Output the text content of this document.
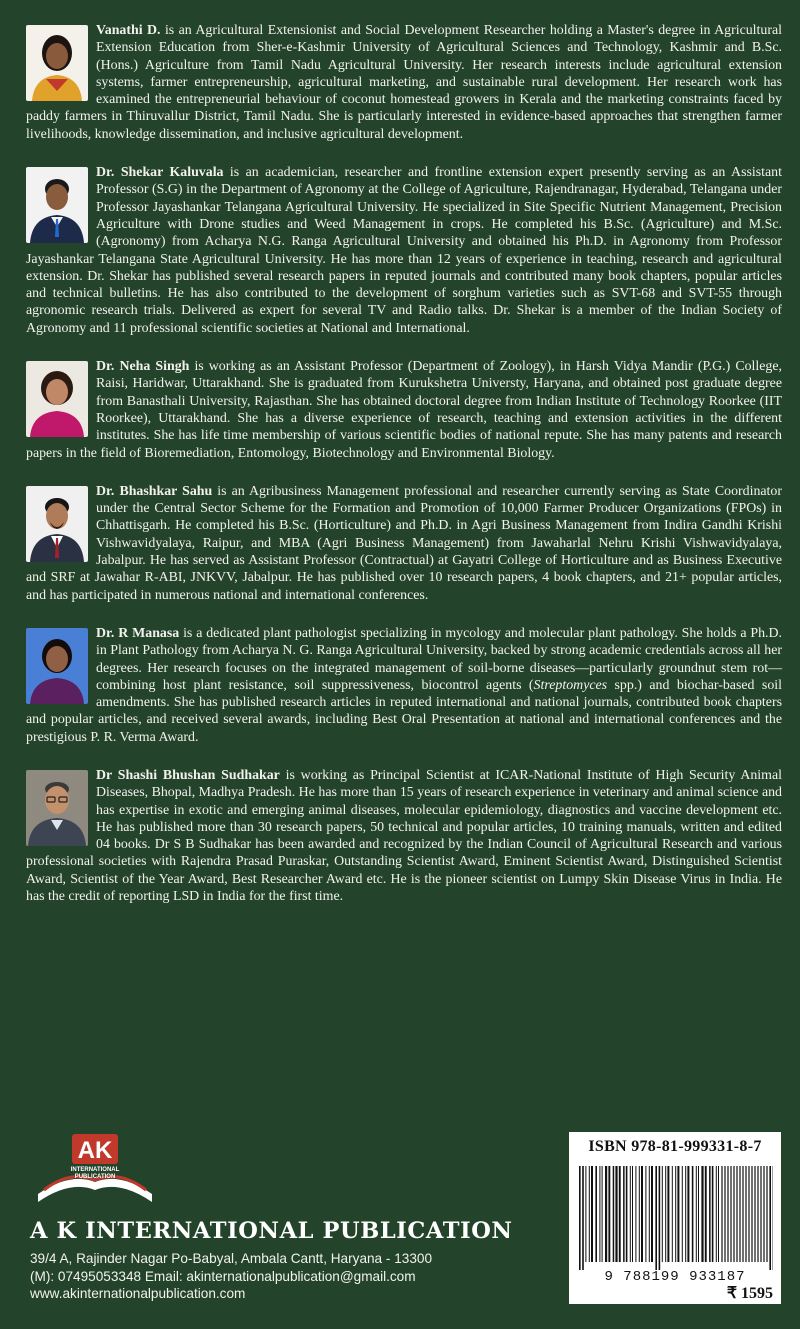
Vanathi D. is an Agricultural Extensionist and Social Development Researcher holding a Master's degree in Agricultural Extension Education from Sher-e-Kashmir University of Agricultural Sciences and Technology, Kashmir and B.Sc. (Hons.) Agriculture from Tamil Nadu Agricultural University. Her research interests include agricultural extension systems, farmer entrepreneurship, agricultural marketing, and sustainable rural development. Her research work has examined the entrepreneurial behaviour of coconut homestead growers in Kerala and the marketing constraints faced by paddy farmers in Thiruvallur District, Tamil Nadu. She is particularly interested in evidence-based approaches that strengthen farmer livelihoods, knowledge dissemination, and inclusive agricultural development.

Dr. Shekar Kaluvala is an academician, researcher and frontline extension expert presently serving as an Assistant Professor (S.G) in the Department of Agronomy at the College of Agriculture, Rajendranagar, Hyderabad, Telangana under Professor Jayashankar Telangana Agricultural University. He specialized in Site Specific Nutrient Management, Precision Agriculture with Drone studies and Weed Management in crops. He completed his B.Sc. (Agriculture) and M.Sc. (Agronomy) from Acharya N.G. Ranga Agricultural University and obtained his Ph.D. in Agronomy from Professor Jayashankar Telangana State Agricultural University. He has more than 12 years of experience in teaching, research and agricultural extension. Dr. Shekar has published several research papers in reputed journals and contributed many book chapters, popular articles and technical bulletins. He has also contributed to the development of sorghum varieties such as SVT-68 and SVT-55 through agronomic research trials. Delivered as expert for several TV and Radio talks. Dr. Shekar is a member of the Indian Society of Agronomy and 11 professional scientific societies at National and International.

Dr. Neha Singh is working as an Assistant Professor (Department of Zoology), in Harsh Vidya Mandir (P.G.) College, Raisi, Haridwar, Uttarakhand. She is graduated from Kurukshetra Universty, Haryana, and obtained post graduate degree from Banasthali University, Rajasthan. She has obtained doctoral degree from Indian Institute of Technology Roorkee (IIT Roorkee), Uttarakhand. She has a diverse experience of research, teaching and extension activities in the different institutes. She has life time membership of various scientific bodies of national repute. She has many patents and research papers in the field of Bioremediation, Entomology, Biotechnology and Environmental Biology.

Dr. Bhashkar Sahu is an Agribusiness Management professional and researcher currently serving as State Coordinator under the Central Sector Scheme for the Formation and Promotion of 10,000 Farmer Producer Organizations (FPOs) in Chhattisgarh. He completed his B.Sc. (Horticulture) and Ph.D. in Agri Business Management from Indira Gandhi Krishi Vishwavidyalaya, Raipur, and MBA (Agri Business Management) from Jawaharlal Nehru Krishi Vishwavidyalaya, Jabalpur. He has served as Assistant Professor (Contractual) at Gayatri College of Horticulture and as Business Executive and SRF at Jawahar R-ABI, JNKVV, Jabalpur. He has published over 10 research papers, 4 book chapters, and 21+ popular articles, and has participated in numerous national and international conferences.

Dr. R Manasa is a dedicated plant pathologist specializing in mycology and molecular plant pathology. She holds a Ph.D. in Plant Pathology from Acharya N. G. Ranga Agricultural University, backed by strong academic credentials across all her degrees. Her research focuses on the integrated management of soil-borne diseases—particularly groundnut stem rot—combining host plant resistance, soil suppressiveness, biocontrol agents (Streptomyces spp.) and biochar-based soil amendments. She has published research articles in reputed international and national journals, contributed book chapters and popular articles, and received several awards, including Best Oral Presentation at national and international conferences and the prestigious P. R. Verma Award.

Dr Shashi Bhushan Sudhakar is working as Principal Scientist at ICAR-National Institute of High Security Animal Diseases, Bhopal, Madhya Pradesh. He has more than 15 years of research experience in veterinary and animal science and has expertise in exotic and emerging animal diseases, molecular epidemiology, diagnostics and vaccine development etc. He has published more than 30 research papers, 50 technical and popular articles, 10 training manuals, written and edited 04 books. Dr S B Sudhakar has been awarded and recognized by the Indian Council of Agricultural Research and various professional societies with Rajendra Prasad Puraskar, Outstanding Scientist Award, Eminent Scientist Award, Distinguished Scientist Award, Scientist of the Year Award, Best Researcher Award etc. He is the pioneer scientist on Lumpy Skin Disease Virus in India. He has the credit of reporting LSD in India for the first time.

AK
INTERNATIONAL
PUBLICATION
A K INTERNATIONAL PUBLICATION
39/4 A, Rajinder Nagar Po-Babyal, Ambala Cantt, Haryana - 13300
(M): 07495053348 Email: akinternationalpublication@gmail.com
www.akinternationalpublication.com
ISBN 978-81-999331-8-7
9 788199 933187
₹ 1595
